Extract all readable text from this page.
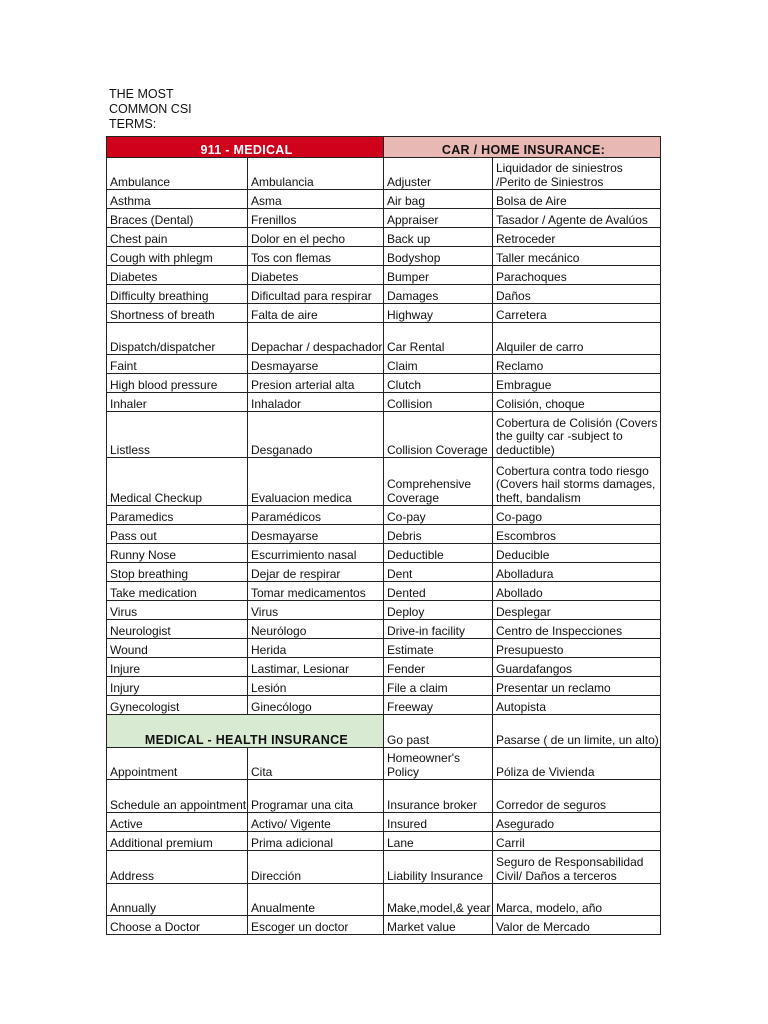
THE MOST
COMMON CSI
TERMS:
911 - MEDICAL		CAR / HOME INSURANCE:	
Ambulance	Ambulancia	Adjuster	Liquidador de siniestros /Perito de Siniestros
Asthma	Asma	Air bag	Bolsa de Aire
Braces (Dental)	Frenillos	Appraiser	Tasador / Agente de Avalúos
Chest pain	Dolor en el pecho	Back up	Retroceder
Cough with phlegm	Tos con flemas	Bodyshop	Taller mecánico
Diabetes	Diabetes	Bumper	Parachoques
Difficulty breathing	Dificultad para respirar	Damages	Daños
Shortness of breath	Falta de aire	Highway	Carretera
Dispatch/dispatcher	Depachar / despachador	Car Rental	Alquiler de carro
Faint	Desmayarse	Claim	Reclamo
High blood pressure	Presion arterial alta	Clutch	Embrague
Inhaler	Inhalador	Collision	Colisión, choque
Listless	Desganado	Collision Coverage	Cobertura de Colisión (Covers the guilty car -subject to deductible)
Medical Checkup	Evaluacion medica	Comprehensive Coverage	Cobertura contra todo riesgo (Covers hail storms damages, theft, bandalism
Paramedics	Paramédicos	Co-pay	Co-pago
Pass out	Desmayarse	Debris	Escombros
Runny Nose	Escurrimiento nasal	Deductible	Deducible
Stop breathing	Dejar de respirar	Dent	Abolladura
Take medication	Tomar medicamentos	Dented	Abollado
Virus	Virus	Deploy	Desplegar
Neurologist	Neurólogo	Drive-in facility	Centro de Inspecciones
Wound	Herida	Estimate	Presupuesto
Injure	Lastimar, Lesionar	Fender	Guardafangos
Injury	Lesión	File a claim	Presentar un reclamo
Gynecologist	Ginecólogo	Freeway	Autopista
MEDICAL - HEALTH INSURANCE		Go past	Pasarse ( de un limite, un alto)
Appointment	Cita	Homeowner's Policy	Póliza de Vivienda
Schedule an appointment	Programar una cita	Insurance broker	Corredor de seguros
Active	Activo/ Vigente	Insured	Asegurado
Additional premium	Prima adicional	Lane	Carril
Address	Dirección	Liability Insurance	Seguro de Responsabilidad Civil/ Daños a terceros
Annually	Anualmente	Make,model,& year	Marca, modelo, año
Choose a Doctor	Escoger un doctor	Market value	Valor de Mercado
